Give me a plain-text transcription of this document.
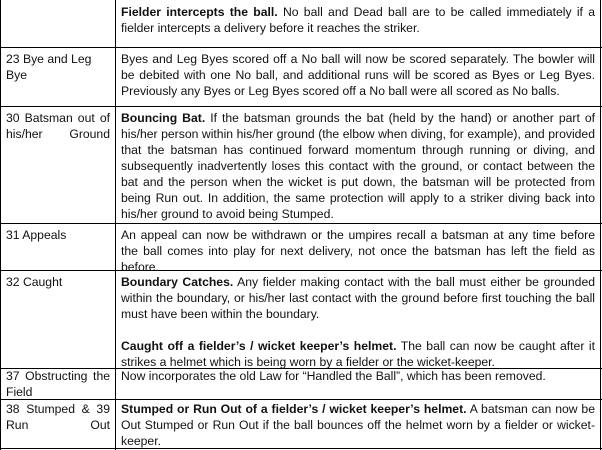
Fielder intercepts the ball. No ball and Dead ball are to be called immediately if a fielder intercepts a delivery before it reaches the striker.
23 Bye and Leg Bye
Byes and Leg Byes scored off a No ball will now be scored separately. The bowler will be debited with one No ball, and additional runs will be scored as Byes or Leg Byes. Previously any Byes or Leg Byes scored off a No ball were all scored as No balls.
30 Batsman out of his/her Ground
Bouncing Bat. If the batsman grounds the bat (held by the hand) or another part of his/her person within his/her ground (the elbow when diving, for example), and provided that the batsman has continued forward momentum through running or diving, and subsequently inadvertently loses this contact with the ground, or contact between the bat and the person when the wicket is put down, the batsman will be protected from being Run out. In addition, the same protection will apply to a striker diving back into his/her ground to avoid being Stumped.
31 Appeals	An appeal can now be withdrawn or the umpires recall a batsman at any time before the ball comes into play for next delivery, not once the batsman has left the field as before.
32 Caught	Boundary Catches. Any fielder making contact with the ball must either be grounded within the boundary, or his/her last contact with the ground before first touching the ball must have been within the boundary.
Caught off a fielder’s / wicket keeper’s helmet. The ball can now be caught after it strikes a helmet which is being worn by a fielder or the wicket-keeper.
37 Obstructing the Field
Now incorporates the old Law for “Handled the Ball”, which has been removed.
38 Stumped & 39 Run Out
Stumped or Run Out of a fielder’s / wicket keeper’s helmet. A batsman can now be Out Stumped or Run Out if the ball bounces off the helmet worn by a fielder or wicket-keeper.
